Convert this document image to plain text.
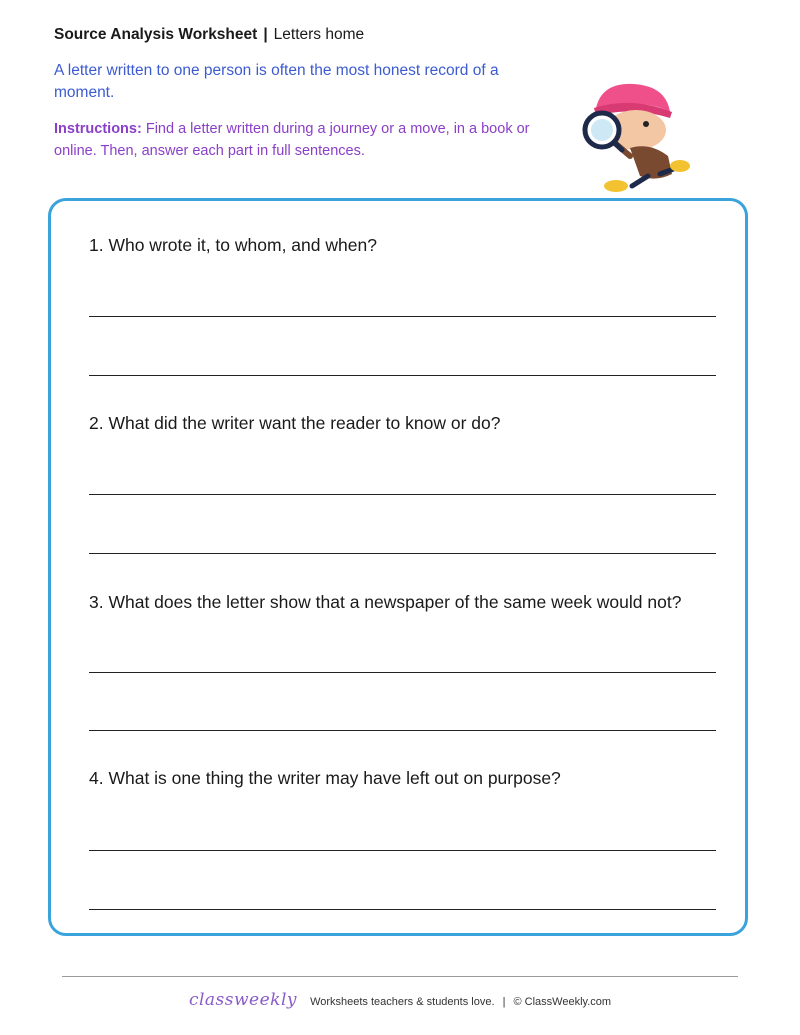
Source Analysis Worksheet | Letters home
A letter written to one person is often the most honest record of a moment.
Instructions: Find a letter written during a journey or a move, in a book or online. Then, answer each part in full sentences.
1. Who wrote it, to whom, and when?
2. What did the writer want the reader to know or do?
3. What does the letter show that a newspaper of the same week would not?
4. What is one thing the writer may have left out on purpose?
classweekly Worksheets teachers & students love. | © ClassWeekly.com
